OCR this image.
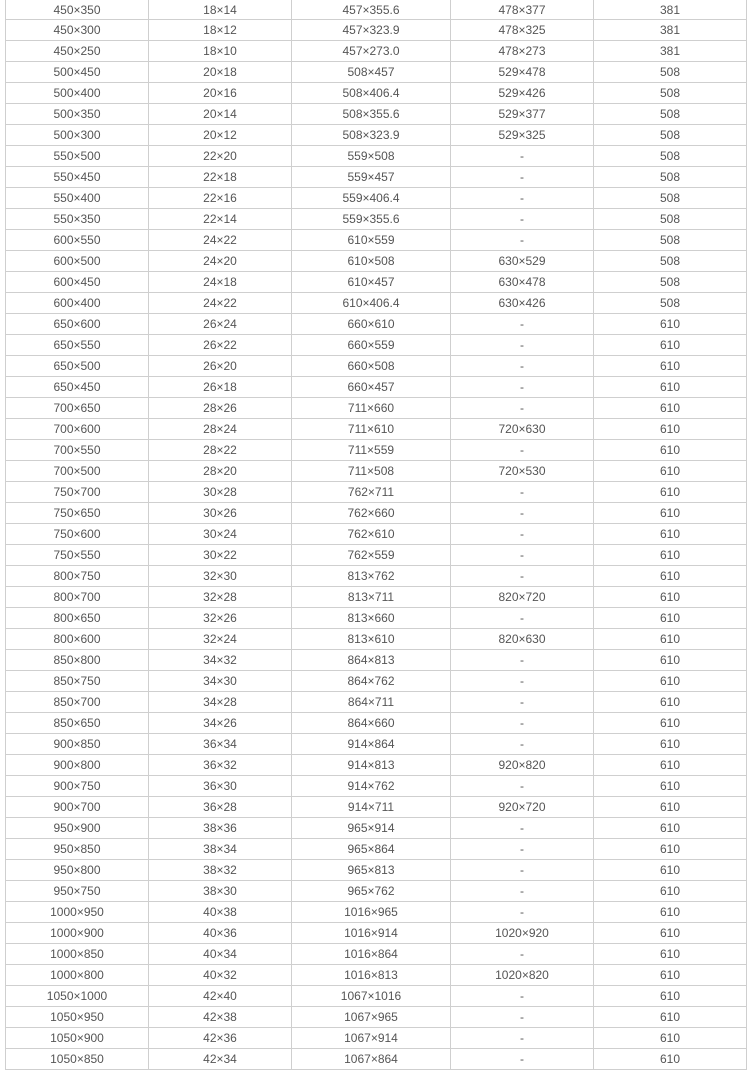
450×350	18×14	457×355.6	478×377	381
450×300	18×12	457×323.9	478×325	381
450×250	18×10	457×273.0	478×273	381
500×450	20×18	508×457	529×478	508
500×400	20×16	508×406.4	529×426	508
500×350	20×14	508×355.6	529×377	508
500×300	20×12	508×323.9	529×325	508
550×500	22×20	559×508	-	508
550×450	22×18	559×457	-	508
550×400	22×16	559×406.4	-	508
550×350	22×14	559×355.6	-	508
600×550	24×22	610×559	-	508
600×500	24×20	610×508	630×529	508
600×450	24×18	610×457	630×478	508
600×400	24×22	610×406.4	630×426	508
650×600	26×24	660×610	-	610
650×550	26×22	660×559	-	610
650×500	26×20	660×508	-	610
650×450	26×18	660×457	-	610
700×650	28×26	711×660	-	610
700×600	28×24	711×610	720×630	610
700×550	28×22	711×559	-	610
700×500	28×20	711×508	720×530	610
750×700	30×28	762×711	-	610
750×650	30×26	762×660	-	610
750×600	30×24	762×610	-	610
750×550	30×22	762×559	-	610
800×750	32×30	813×762	-	610
800×700	32×28	813×711	820×720	610
800×650	32×26	813×660	-	610
800×600	32×24	813×610	820×630	610
850×800	34×32	864×813	-	610
850×750	34×30	864×762	-	610
850×700	34×28	864×711	-	610
850×650	34×26	864×660	-	610
900×850	36×34	914×864	-	610
900×800	36×32	914×813	920×820	610
900×750	36×30	914×762	-	610
900×700	36×28	914×711	920×720	610
950×900	38×36	965×914	-	610
950×850	38×34	965×864	-	610
950×800	38×32	965×813	-	610
950×750	38×30	965×762	-	610
1000×950	40×38	1016×965	-	610
1000×900	40×36	1016×914	1020×920	610
1000×850	40×34	1016×864	-	610
1000×800	40×32	1016×813	1020×820	610
1050×1000	42×40	1067×1016	-	610
1050×950	42×38	1067×965	-	610
1050×900	42×36	1067×914	-	610
1050×850	42×34	1067×864	-	610
